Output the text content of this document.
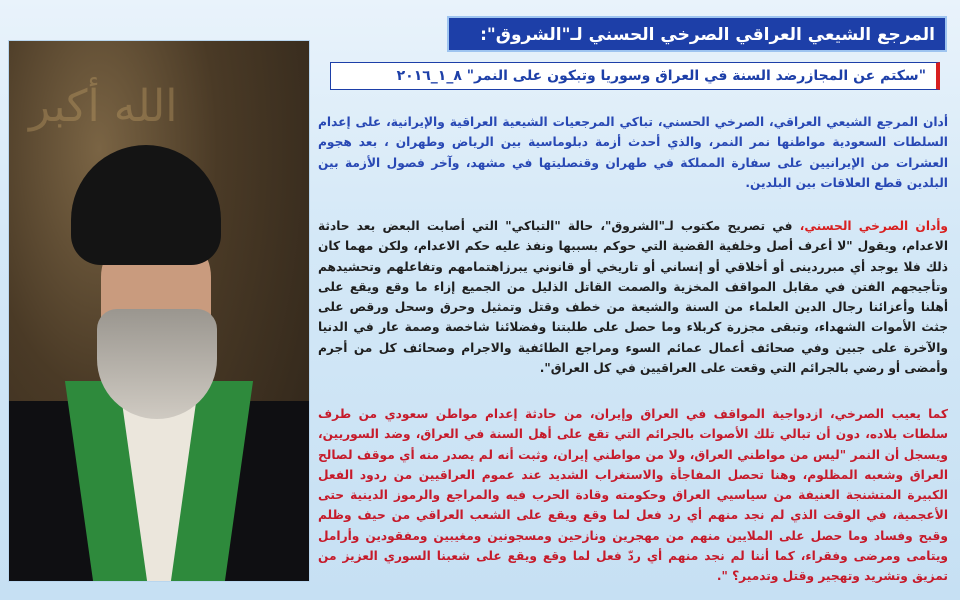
الله أكبر
المرجع الشيعي العراقي الصرخي الحسني لـ"الشروق":
"سكتم عن المجازرضد السنة في العراق وسوريا وتبكون على النمر" ٨_١_٢٠١٦
أدان المرجع الشيعي العراقي، الصرخي الحسني، تباكي المرجعيات الشيعية العراقية والإيرانية، على إعدام السلطات السعودية مواطنها نمر النمر، والذي أحدث أزمة دبلوماسية بين الرياض وطهران ، بعد هجوم العشرات من الإيرانيين على سفارة المملكة في طهران وقنصليتها في مشهد، وآخر فصول الأزمة بين البلدين قطع العلاقات بين البلدين.
وأدان الصرخي الحسني، في تصريح مكتوب لـ"الشروق"، حالة "التباكي" التي أصابت البعض بعد حادثة الاعدام، ويقول "لا أعرف أصل وخلفية القضية التي حوكم بسببها ونفذ عليه حكم الاعدام، ولكن مهما كان ذلك فلا يوجد أي مبرردينى أو أخلاقي أو إنساني أو تاريخي أو قانوني يبرزاهتمامهم وتفاعلهم وتحشيدهم وتأجيجهم الفتن في مقابل المواقف المخزية والصمت القاتل الذليل من الجميع إزاء ما وقع ويقع على أهلنا وأعزائنا رجال الدين العلماء من السنة والشيعة من خطف وقتل وتمثيل وحرق وسحل ورقص على جثث الأموات الشهداء، وتبقى مجزرة كربلاء وما حصل على طلبتنا وفضلائنا شاخصة وصمة عار في الدنيا والآخرة على جبين وفي صحائف أعمال عمائم السوء ومراجع الطائفية والاجرام وصحائف كل من أجرم وأمضى أو رضي بالجرائم التي وقعت على العراقيين في كل العراق".
كما يعيب الصرخي، ازدواجية المواقف في العراق وإيران، من حادثة إعدام مواطن سعودي من طرف سلطات بلاده، دون أن تبالي تلك الأصوات بالجرائم التي تقع على أهل السنة في العراق، وضد السوريين، ويسجل أن النمر "ليس من مواطني العراق، ولا من مواطني إيران، وثبت أنه لم يصدر منه أي موقف لصالح العراق وشعبه المظلوم، وهنا تحصل المفاجأة والاستغراب الشديد عند عموم العراقيين من ردود الفعل الكبيرة المتشنجة العنيفة من سياسيي العراق وحكومته وقادة الحرب فيه والمراجع والرموز الدينية حتى الأعجمية، في الوقت الذي لم نجد منهم أي رد فعل لما وقع ويقع على الشعب العراقي من حيف وظلم وقبح وفساد وما حصل على الملايين منهم من مهجرين ونازحين ومسجونين ومغيبين ومفقودين وأرامل ويتامى ومرضى وفقراء، كما أننا لم نجد منهم أي ردّ فعل لما وقع ويقع على شعبنا السوري العزيز من تمزيق وتشريد وتهجير وقتل وتدمير؟ ".
